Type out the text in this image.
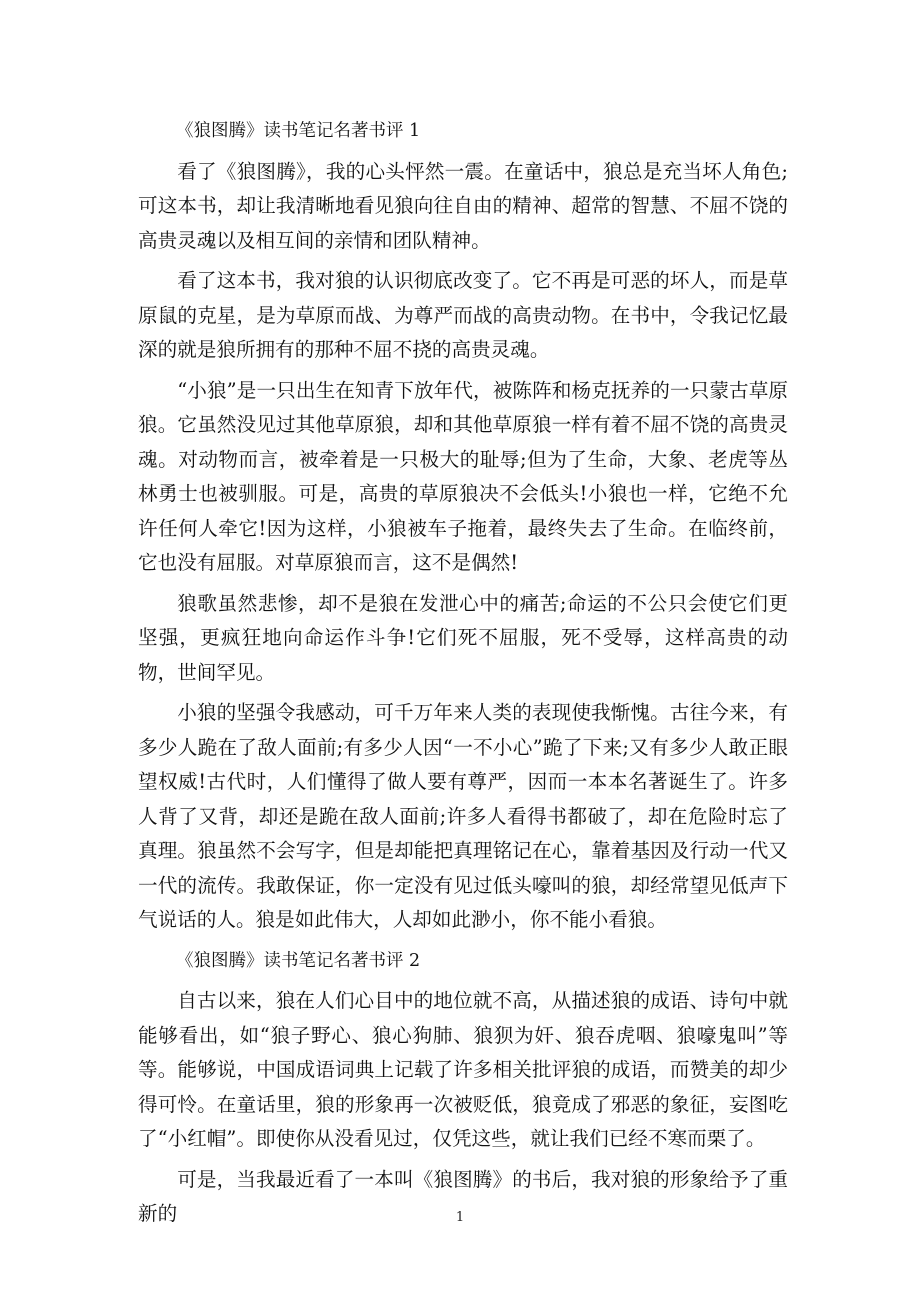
《狼图腾》读书笔记名著书评 1

看了《狼图腾》，我的心头怦然一震。在童话中，狼总是充当坏人角色;可这本书，却让我清晰地看见狼向往自由的精神、超常的智慧、不屈不饶的高贵灵魂以及相互间的亲情和团队精神。

看了这本书，我对狼的认识彻底改变了。它不再是可恶的坏人，而是草原鼠的克星，是为草原而战、为尊严而战的高贵动物。在书中，令我记忆最深的就是狼所拥有的那种不屈不挠的高贵灵魂。

“小狼”是一只出生在知青下放年代，被陈阵和杨克抚养的一只蒙古草原狼。它虽然没见过其他草原狼，却和其他草原狼一样有着不屈不饶的高贵灵魂。对动物而言，被牵着是一只极大的耻辱;但为了生命，大象、老虎等丛林勇士也被驯服。可是，高贵的草原狼决不会低头!小狼也一样，它绝不允许任何人牵它!因为这样，小狼被车子拖着，最终失去了生命。在临终前，它也没有屈服。对草原狼而言，这不是偶然!

狼歌虽然悲惨，却不是狼在发泄心中的痛苦;命运的不公只会使它们更坚强，更疯狂地向命运作斗争!它们死不屈服，死不受辱，这样高贵的动物，世间罕见。

小狼的坚强令我感动，可千万年来人类的表现使我惭愧。古往今来，有多少人跪在了敌人面前;有多少人因“一不小心”跪了下来;又有多少人敢正眼望权威!古代时，人们懂得了做人要有尊严，因而一本本名著诞生了。许多人背了又背，却还是跪在敌人面前;许多人看得书都破了，却在危险时忘了真理。狼虽然不会写字，但是却能把真理铭记在心，靠着基因及行动一代又一代的流传。我敢保证，你一定没有见过低头嚎叫的狼，却经常望见低声下气说话的人。狼是如此伟大，人却如此渺小，你不能小看狼。

《狼图腾》读书笔记名著书评 2

自古以来，狼在人们心目中的地位就不高，从描述狼的成语、诗句中就能够看出，如“狼子野心、狼心狗肺、狼狈为奸、狼吞虎咽、狼嚎鬼叫”等等。能够说，中国成语词典上记载了许多相关批评狼的成语，而赞美的却少得可怜。在童话里，狼的形象再一次被贬低，狼竟成了邪恶的象征，妄图吃了“小红帽”。即使你从没看见过，仅凭这些，就让我们已经不寒而栗了。

可是，当我最近看了一本叫《狼图腾》的书后，我对狼的形象给予了重新的	1
